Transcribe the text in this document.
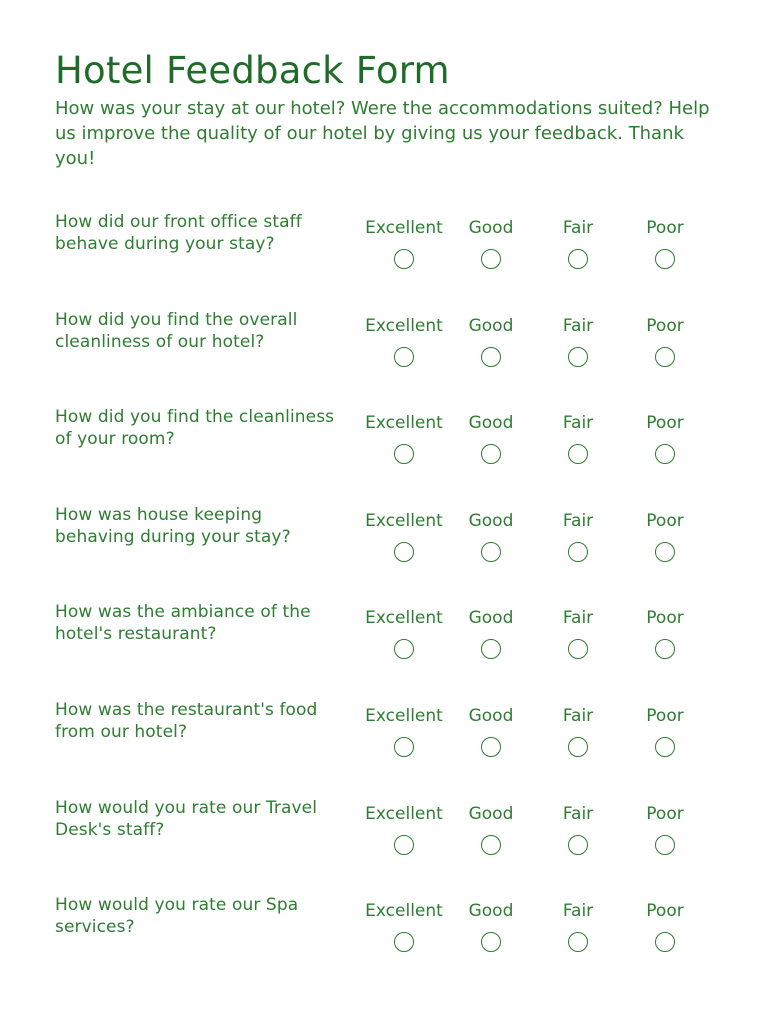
Hotel Feedback Form

How was your stay at our hotel? Were the accommodations suited? Help us improve the quality of our hotel by giving us your feedback. Thank you!

How did our front office staff behave during your stay?
Excellent	Good	Fair	Poor
How did you find the overall cleanliness of our hotel?
Excellent	Good	Fair	Poor
How did you find the cleanliness of your room?
Excellent	Good	Fair	Poor
How was house keeping behaving during your stay?
Excellent	Good	Fair	Poor
How was the ambiance of the hotel's restaurant?
Excellent	Good	Fair	Poor
How was the restaurant's food from our hotel?
Excellent	Good	Fair	Poor
How would you rate our Travel Desk's staff?
Excellent	Good	Fair	Poor
How would you rate our Spa services?
Excellent	Good	Fair	Poor
